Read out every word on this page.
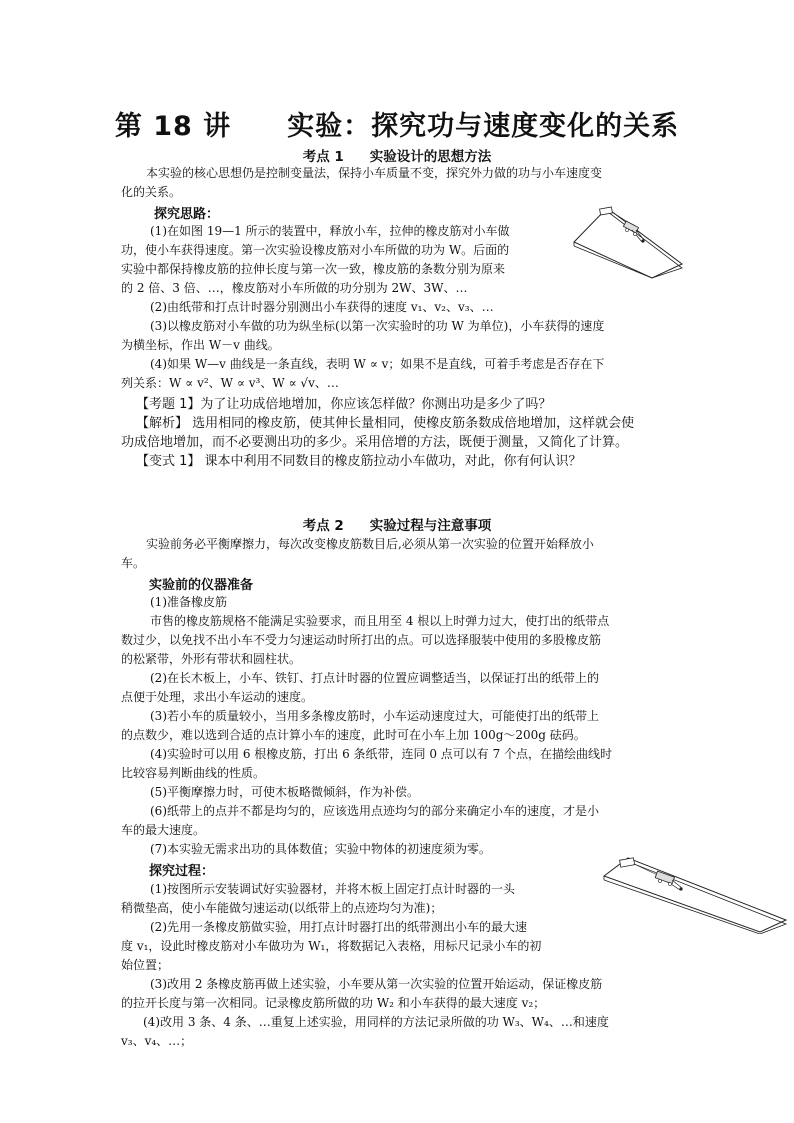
第 18 讲 实验：探究功与速度变化的关系
考点 1 实验设计的思想方法
本实验的核心思想仍是控制变量法，保持小车质量不变，探究外力做的功与小车速度变
化的关系。
探究思路：
(1)在如图 19—1 所示的装置中，释放小车，拉伸的橡皮筋对小车做
功，使小车获得速度。第一次实验设橡皮筋对小车所做的功为 W。后面的
实验中都保持橡皮筋的拉伸长度与第一次一致，橡皮筋的条数分别为原来
的 2 倍、3 倍、…，橡皮筋对小车所做的功分别为 2W、3W、…
(2)由纸带和打点计时器分别测出小车获得的速度 v₁、v₂、v₃、…
(3)以橡皮筋对小车做的功为纵坐标(以第一次实验时的功 W 为单位)，小车获得的速度
为横坐标，作出 W－v 曲线。
(4)如果 W—v 曲线是一条直线，表明 W ∝ v；如果不是直线，可着手考虑是否存在下
列关系：W ∝ v²、W ∝ v³、W ∝ √v、…
【考题 1】为了让功成倍地增加，你应该怎样做？你测出功是多少了吗？
【解析】 选用相同的橡皮筋，使其伸长量相同，使橡皮筋条数成倍地增加，这样就会使
功成倍地增加，而不必要测出功的多少。采用倍增的方法，既便于测量，又简化了计算。
【变式 1】 课本中利用不同数目的橡皮筋拉动小车做功，对此，你有何认识？
考点 2 实验过程与注意事项
实验前务必平衡摩擦力，每次改变橡皮筋数目后,必须从第一次实验的位置开始释放小
车。
实验前的仪器准备
(1)准备橡皮筋
市售的橡皮筋规格不能满足实验要求，而且用至 4 根以上时弹力过大，使打出的纸带点
数过少，以免找不出小车不受力匀速运动时所打出的点。可以选择服装中使用的多股橡皮筋
的松紧带，外形有带状和圆柱状。
(2)在长木板上，小车、铁钉、打点计时器的位置应调整适当，以保证打出的纸带上的
点便于处理，求出小车运动的速度。
(3)若小车的质量较小，当用多条橡皮筋时，小车运动速度过大，可能使打出的纸带上
的点数少，难以选到合适的点计算小车的速度，此时可在小车上加 100g～200g 砝码。
(4)实验时可以用 6 根橡皮筋，打出 6 条纸带，连同 0 点可以有 7 个点，在描绘曲线时
比较容易判断曲线的性质。
(5)平衡摩擦力时，可使木板略微倾斜，作为补偿。
(6)纸带上的点并不都是均匀的，应该选用点迹均匀的部分来确定小车的速度，才是小
车的最大速度。
(7)本实验无需求出功的具体数值；实验中物体的初速度须为零。
探究过程：
(1)按图所示安装调试好实验器材，并将木板上固定打点计时器的一头
稍微垫高，使小车能做匀速运动(以纸带上的点迹均匀为准)；
(2)先用一条橡皮筋做实验，用打点计时器打出的纸带测出小车的最大速
度 v₁，设此时橡皮筋对小车做功为 W₁，将数据记入表格，用标尺记录小车的初
始位置；
(3)改用 2 条橡皮筋再做上述实验，小车要从第一次实验的位置开始运动，保证橡皮筋
的拉开长度与第一次相同。记录橡皮筋所做的功 W₂ 和小车获得的最大速度 v₂；
(4)改用 3 条、4 条、…重复上述实验，用同样的方法记录所做的功 W₃、W₄、…和速度
v₃、v₄、…；
